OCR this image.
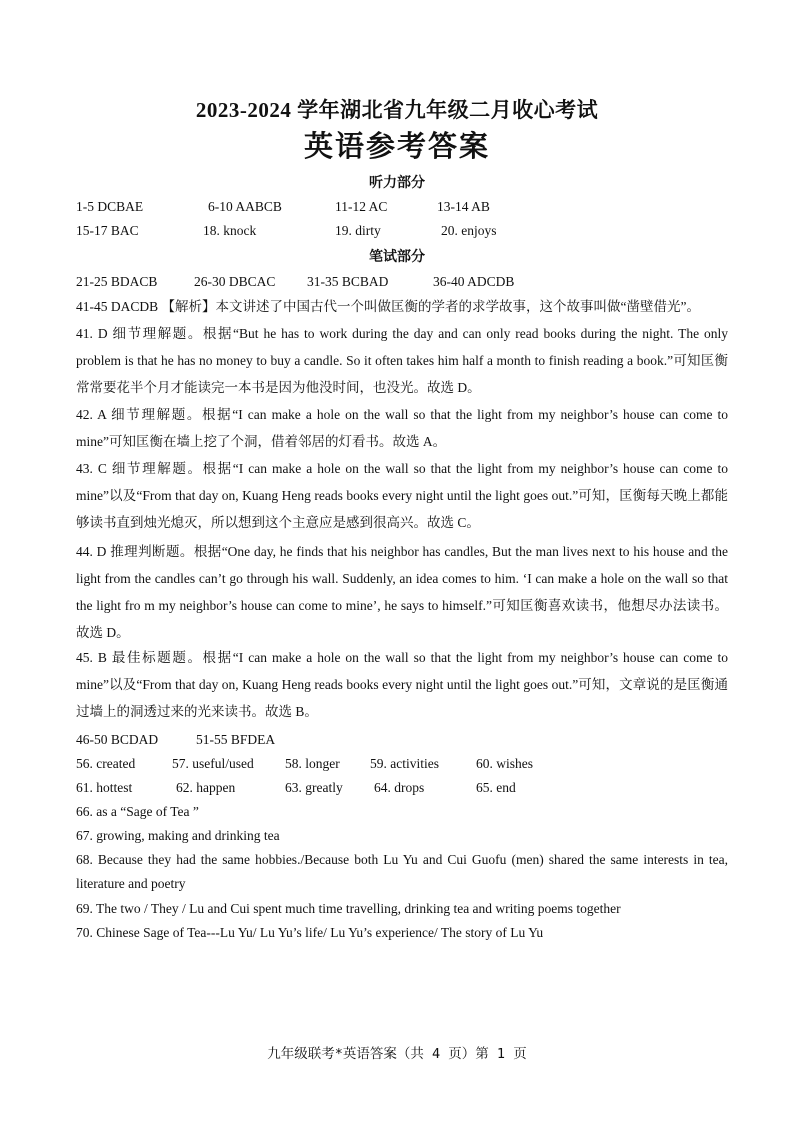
2023-2024 学年湖北省九年级二月收心考试
英语参考答案
听力部分
1-5 DCBAE	6-10 AABCB	11-12 AC	13-14 AB
15-17 BAC	18. knock	19. dirty	20. enjoys
笔试部分
21-25 BDACB	26-30 DBCAC 31-35 BCBAD	36-40 ADCDB
41-45 DACDB 【解析】本文讲述了中国古代一个叫做匡衡的学者的求学故事，这个故事叫做“凿壁借光”。
41. D 细节理解题。根据“But he has to work during the day and can only read books during the night. The only problem is that he has no money to buy a candle. So it often takes him half a month to finish reading a book.”可知匡衡常常要花半个月才能读完一本书是因为他没时间，也没光。故选 D。
42. A 细节理解题。根据“I can make a hole on the wall so that the light from my neighbor’s house can come to mine”可知匡衡在墙上挖了个洞，借着邻居的灯看书。故选 A。
43. C 细节理解题。根据“I can make a hole on the wall so that the light from my neighbor’s house can come to mine”以及“From that day on, Kuang Heng reads books every night until the light goes out.”可知，匡衡每天晚上都能够读书直到烛光熄灭，所以想到这个主意应是感到很高兴。故选 C。
44. D 推理判断题。根据“One day, he finds that his neighbor has candles, But the man lives next to his house and the light from the candles can’t go through his wall. Suddenly, an idea comes to him. ‘I can make a hole on the wall so that the light fro m my neighbor’s house can come to mine’, he says to himself.”可知匡衡喜欢读书，他想尽办法读书。故选 D。
45. B 最佳标题题。根据“I can make a hole on the wall so that the light from my neighbor’s house can come to mine”以及“From that day on, Kuang Heng reads books every night until the light goes out.”可知，文章说的是匡衡通过墙上的洞透过来的光来读书。故选 B。
46-50 BCDAD	51-55 BFDEA
56. created	57. useful/used 58. longer 59. activities	60. wishes
61. hottest	62. happen	63. greatly 64. drops	65. end
66. as a “Sage of Tea ”
67. growing, making and drinking tea
68. Because they had the same hobbies./Because both Lu Yu and Cui Guofu (men) shared the same interests in tea, literature and poetry
69. The two / They / Lu and Cui spent much time travelling, drinking tea and writing poems together
70. Chinese Sage of Tea---Lu Yu/ Lu Yu’s life/ Lu Yu’s experience/ The story of Lu Yu
九年级联考*英语答案（共 4 页）第 1 页
